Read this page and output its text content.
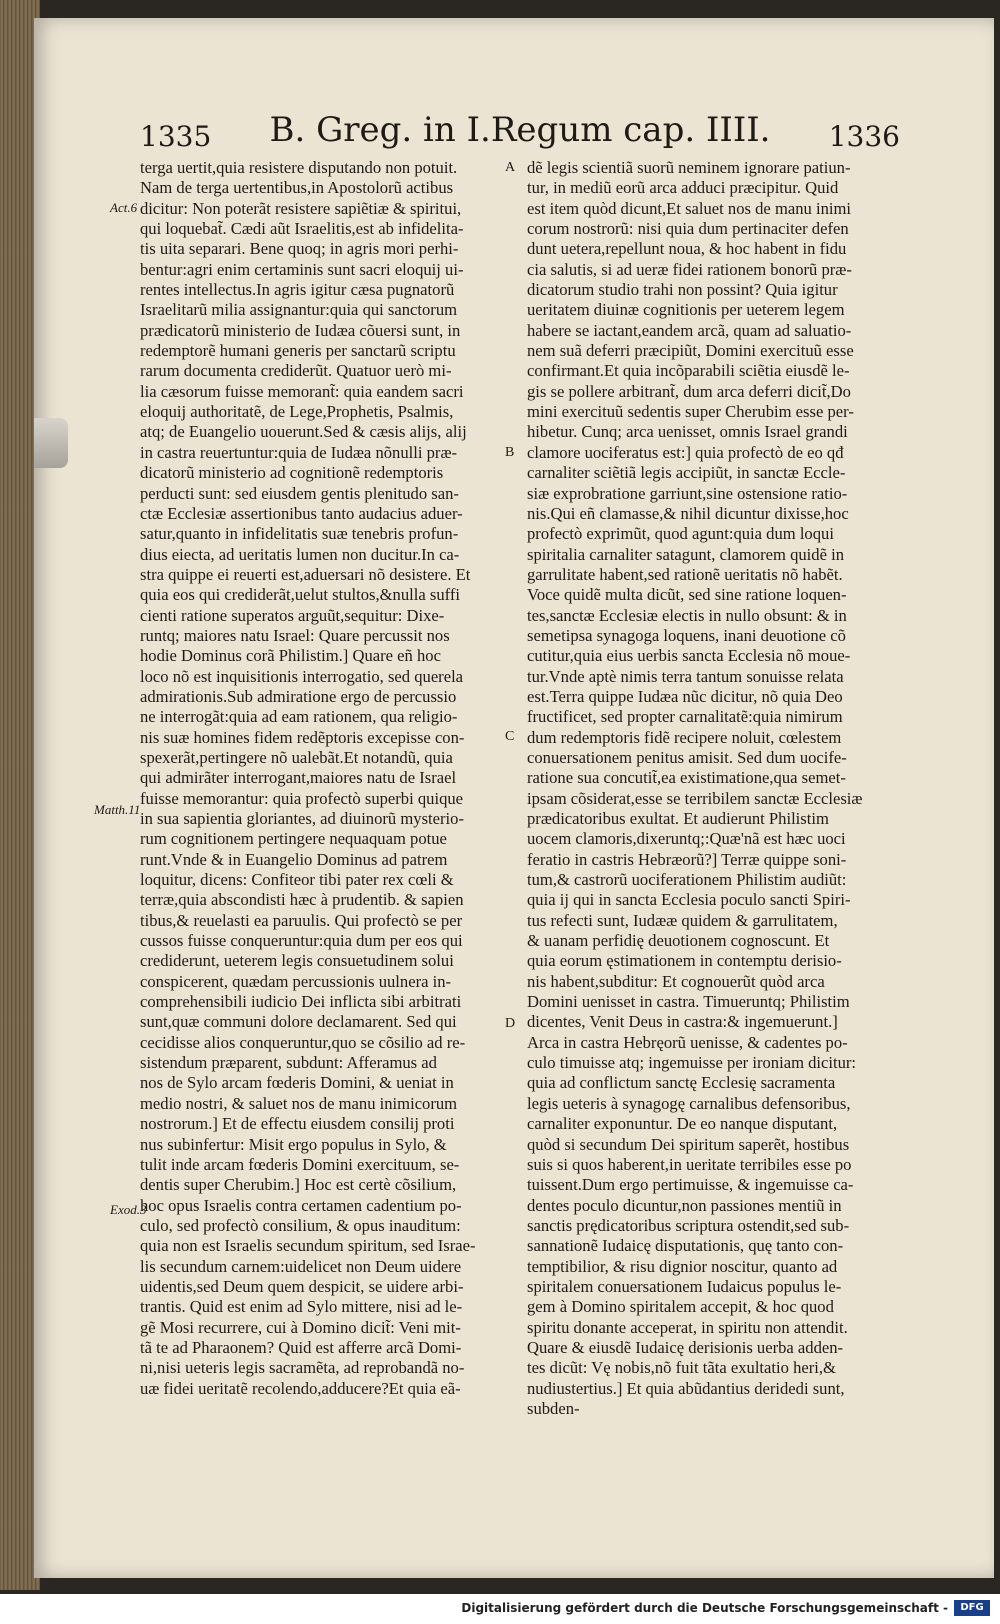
1335	B. Greg. in I.Regum cap. IIII.	1336
Act.6
Matth.11
Exod.3
A
B
C
D
terga uertit,quia resistere disputando non potuit.
Nam de terga uertentibus,in Apostolorũ actibus
dicitur: Non poterãt resistere sapiẽtiæ & spiritui,
qui loquebat̃. Cædi aũt Israelitis,est ab infidelita-
tis uita separari. Bene quoq; in agris mori perhi-
bentur:agri enim certaminis sunt sacri eloquij ui-
rentes intellectus.In agris igitur cæsa pugnatorũ
Israelitarũ milia assignantur:quia qui sanctorum
prædicatorũ ministerio de Iudæa cõuersi sunt, in
redemptorẽ humani generis per sanctarũ scriptu
rarum documenta crediderũt. Quatuor uerò mi-
lia cæsorum fuisse memorant̃: quia eandem sacri
eloquij authoritatẽ, de Lege,Prophetis, Psalmis,
atq; de Euangelio uouerunt.Sed & cæsis alijs, alij
in castra reuertuntur:quia de Iudæa nõnulli præ-
dicatorũ ministerio ad cognitionẽ redemptoris
perducti sunt: sed eiusdem gentis plenitudo san-
ctæ Ecclesiæ assertionibus tanto audacius aduer-
satur,quanto in infidelitatis suæ tenebris profun-
dius eiecta, ad ueritatis lumen non ducitur.In ca-
stra quippe ei reuerti est,aduersari nõ desistere. Et
quia eos qui crediderãt,uelut stultos,&nulla suffi
cienti ratione superatos arguũt,sequitur: Dixe-
runtq; maiores natu Israel: Quare percussit nos
hodie Dominus corã Philistim.] Quare eñ hoc
loco nõ est inquisitionis interrogatio, sed querela
admirationis.Sub admiratione ergo de percussio
ne interrogãt:quia ad eam rationem, qua religio-
nis suæ homines fidem redẽptoris excepisse con-
spexerãt,pertingere nõ ualebãt.Et notandũ, quia
qui admirãter interrogant,maiores natu de Israel
fuisse memorantur: quia profectò superbi quique
in sua sapientia gloriantes, ad diuinorũ mysterio-
rum cognitionem pertingere nequaquam potue
runt.Vnde & in Euangelio Dominus ad patrem
loquitur, dicens: Confiteor tibi pater rex cœli &
terræ,quia abscondisti hæc à prudentib. & sapien
tibus,& reuelasti ea paruulis. Qui profectò se per
cussos fuisse conqueruntur:quia dum per eos qui
crediderunt, ueterem legis consuetudinem solui
conspicerent, quædam percussionis uulnera in-
comprehensibili iudicio Dei inflicta sibi arbitrati
sunt,quæ communi dolore declamarent. Sed qui
cecidisse alios conqueruntur,quo se cõsilio ad re-
sistendum præparent, subdunt: Afferamus ad
nos de Sylo arcam fœderis Domini, & ueniat in
medio nostri, & saluet nos de manu inimicorum
nostrorum.] Et de effectu eiusdem consilij proti
nus subinfertur: Misit ergo populus in Sylo, &
tulit inde arcam fœderis Domini exercituum, se-
dentis super Cherubim.] Hoc est certè cõsilium,
hoc opus Israelis contra certamen cadentium po-
culo, sed profectò consilium, & opus inauditum:
quia non est Israelis secundum spiritum, sed Israe-
lis secundum carnem:uidelicet non Deum uidere
uidentis,sed Deum quem despicit, se uidere arbi-
trantis. Quid est enim ad Sylo mittere, nisi ad le-
gẽ Mosi recurrere, cui à Domino dicit̃: Veni mit-
tã te ad Pharaonem? Quid est afferre arcã Domi-
ni,nisi ueteris legis sacramẽta, ad reprobandã no-
uæ fidei ueritatẽ recolendo,adducere?Et quia eã-
dẽ legis scientiã suorũ neminem ignorare patiun-
tur, in mediũ eorũ arca adduci præcipitur. Quid
est item quòd dicunt,Et saluet nos de manu inimi
corum nostrorũ: nisi quia dum pertinaciter defen
dunt uetera,repellunt noua, & hoc habent in fidu
cia salutis, si ad ueræ fidei rationem bonorũ præ-
dicatorum studio trahi non possint? Quia igitur
ueritatem diuinæ cognitionis per ueterem legem
habere se iactant,eandem arcã, quam ad saluatio-
nem suã deferri præcipiũt, Domini exercituũ esse
confirmant.Et quia incõparabili sciẽtia eiusdẽ le-
gis se pollere arbitrant̃, dum arca deferri dicit̃,Do
mini exercituũ sedentis super Cherubim esse per-
hibetur. Cunq; arca uenisset, omnis Israel grandi
clamore uociferatus est:] quia profectò de eo qđ
carnaliter sciẽtiã legis accipiũt, in sanctæ Eccle-
siæ exprobratione garriunt,sine ostensione ratio-
nis.Qui eñ clamasse,& nihil dicuntur dixisse,hoc
profectò exprimũt, quod agunt:quia dum loqui
spiritalia carnaliter satagunt, clamorem quidẽ in
garrulitate habent,sed rationẽ ueritatis nõ habẽt.
Voce quidẽ multa dicũt, sed sine ratione loquen-
tes,sanctæ Ecclesiæ electis in nullo obsunt: & in
semetipsa synagoga loquens, inani deuotione cõ
cutitur,quia eius uerbis sancta Ecclesia nõ moue-
tur.Vnde aptè nimis terra tantum sonuisse relata
est.Terra quippe Iudæa nũc dicitur, nõ quia Deo
fructificet, sed propter carnalitatẽ:quia nimirum
dum redemptoris fidẽ recipere noluit, cœlestem
conuersationem penitus amisit. Sed dum uocife-
ratione sua concutit̃,ea existimatione,qua semet-
ipsam cõsiderat,esse se terribilem sanctæ Ecclesiæ
prædicatoribus exultat. Et audierunt Philistim
uocem clamoris,dixeruntq;:Quæ'nã est hæc uoci
feratio in castris Hebræorũ?] Terræ quippe soni-
tum,& castrorũ uociferationem Philistim audiũt:
quia ij qui in sancta Ecclesia poculo sancti Spiri-
tus refecti sunt, Iudææ quidem & garrulitatem,
& uanam perfidię deuotionem cognoscunt. Et
quia eorum ęstimationem in contemptu derisio-
nis habent,subditur: Et cognouerũt quòd arca
Domini uenisset in castra. Timueruntq; Philistim
dicentes, Venit Deus in castra:& ingemuerunt.]
Arca in castra Hebręorũ uenisse, & cadentes po-
culo timuisse atq; ingemuisse per ironiam dicitur:
quia ad conflictum sanctę Ecclesię sacramenta
legis ueteris à synagogę carnalibus defensoribus,
carnaliter exponuntur. De eo nanque disputant,
quòd si secundum Dei spiritum saperẽt, hostibus
suis si quos haberent,in ueritate terribiles esse po
tuissent.Dum ergo pertimuisse, & ingemuisse ca-
dentes poculo dicuntur,non passiones mentiũ in
sanctis prędicatoribus scriptura ostendit,sed sub-
sannationẽ Iudaicę disputationis, quę tanto con-
temptibilior, & risu dignior noscitur, quanto ad
spiritalem conuersationem Iudaicus populus le-
gem à Domino spiritalem accepit, & hoc quod
spiritu donante acceperat, in spiritu non attendit.
Quare & eiusdẽ Iudaicę derisionis uerba adden-
tes dicũt: Vę nobis,nõ fuit tãta exultatio heri,&
nudiustertius.] Et quia abũdantius deridedi sunt,
subden-
Digitalisierung gefördert durch die Deutsche Forschungsgemeinschaft -	DFG
